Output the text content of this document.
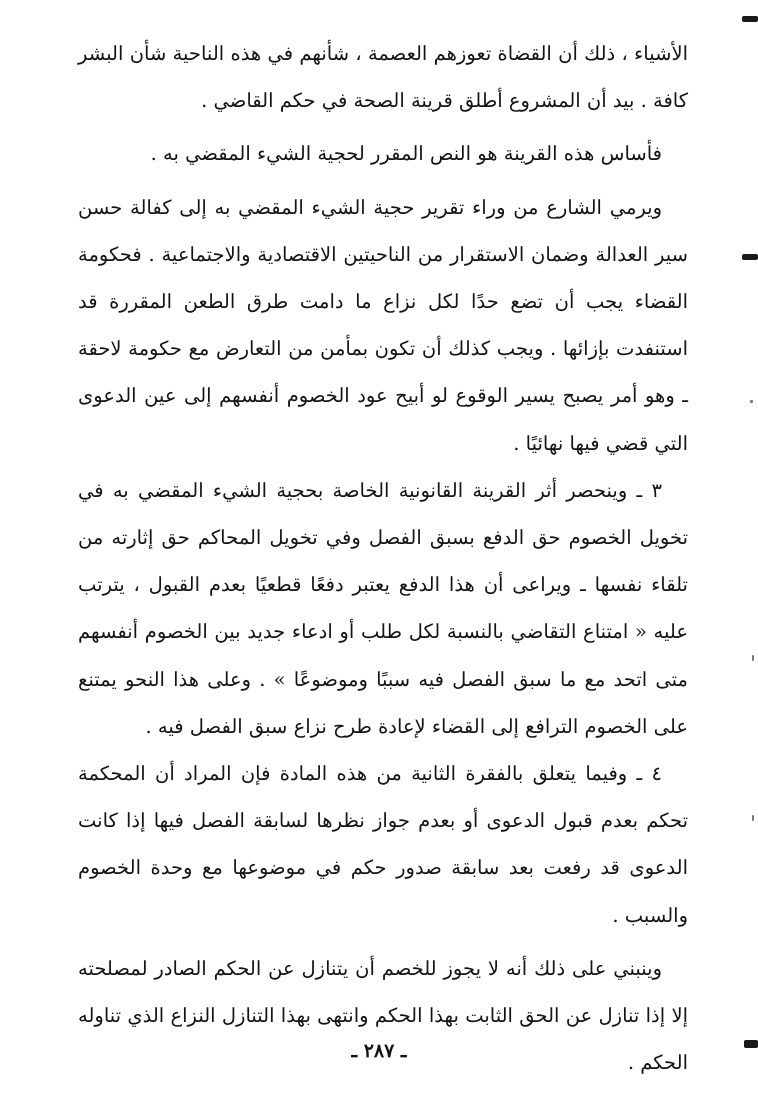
الأشياء ، ذلك أن القضاة تعوزهم العصمة ، شأنهم في هذه الناحية شأن البشر كافة . بيد أن المشروع أطلق قرينة الصحة في حكم القاضي .

فأساس هذه القرينة هو النص المقرر لحجية الشيء المقضي به .

ويرمي الشارع من وراء تقرير حجية الشيء المقضي به إلى كفالة حسن سير العدالة وضمان الاستقرار من الناحيتين الاقتصادية والاجتماعية . فحكومة القضاء يجب أن تضع حدًا لكل نزاع ما دامت طرق الطعن المقررة قد استنفدت بإزائها . ويجب كذلك أن تكون بمأمن من التعارض مع حكومة لاحقة ـ وهو أمر يصبح يسير الوقوع لو أبيح عود الخصوم أنفسهم إلى عين الدعوى التي قضي فيها نهائيًا .

٣ ـ وينحصر أثر القرينة القانونية الخاصة بحجية الشيء المقضي به في تخويل الخصوم حق الدفع بسبق الفصل وفي تخويل المحاكم حق إثارته من تلقاء نفسها ـ ويراعى أن هذا الدفع يعتبر دفعًا قطعيًا بعدم القبول ، يترتب عليه « امتناع التقاضي بالنسبة لكل طلب أو ادعاء جديد بين الخصوم أنفسهم متى اتحد مع ما سبق الفصل فيه سببًا وموضوعًا » . وعلى هذا النحو يمتنع على الخصوم الترافع إلى القضاء لإعادة طرح نزاع سبق الفصل فيه .

٤ ـ وفيما يتعلق بالفقرة الثانية من هذه المادة فإن المراد أن المحكمة تحكم بعدم قبول الدعوى أو بعدم جواز نظرها لسابقة الفصل فيها إذا كانت الدعوى قد رفعت بعد سابقة صدور حكم في موضوعها مع وحدة الخصوم والسبب .

وينبني على ذلك أنه لا يجوز للخصم أن يتنازل عن الحكم الصادر لمصلحته إلا إذا تنازل عن الحق الثابت بهذا الحكم وانتهى بهذا التنازل النزاع الذي تناوله الحكم .

ـ ٢٨٧ ـ
